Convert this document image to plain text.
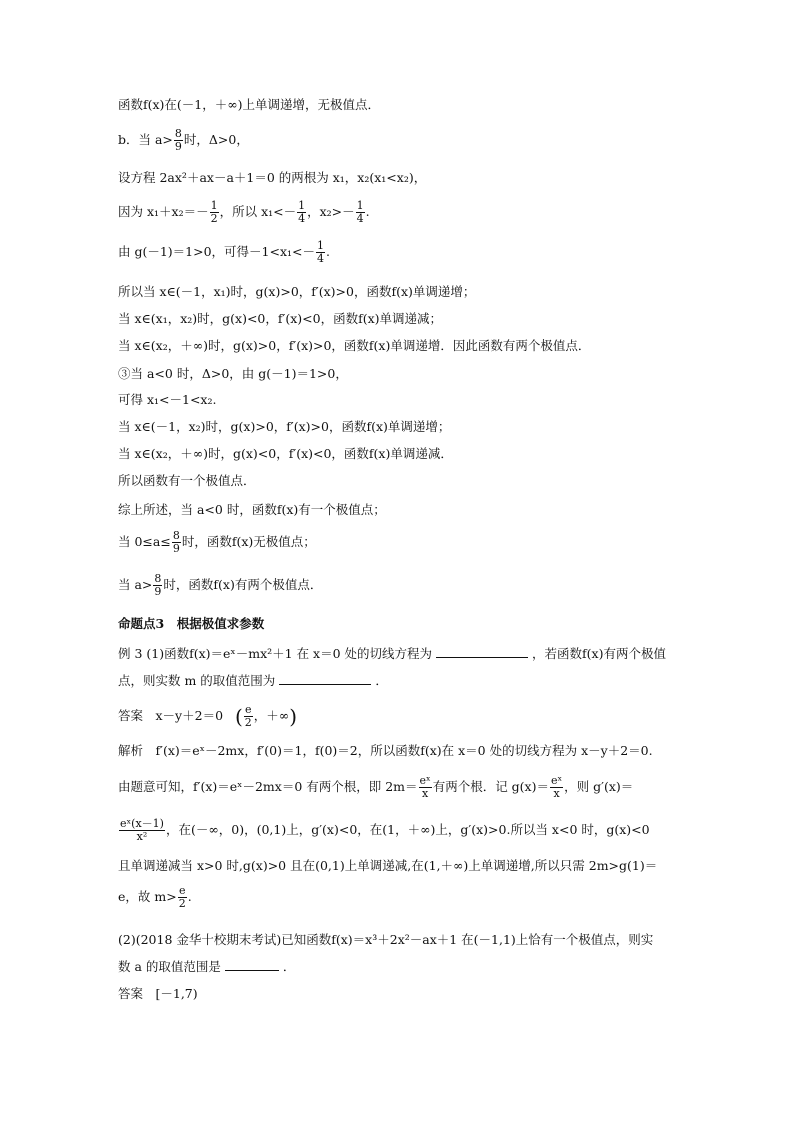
函数f(x)在(－1，＋∞)上单调递增，无极值点．
b．当 $a> \frac{8}{9}$ 时，Δ>0，
设方程 2ax²＋ax－a＋1＝0 的两根为 x₁，x₂(x₁<x₂)，
因为 $x_1+x_2=- \frac{1}{2}$ ，所以 $x_1<- \frac{1}{4}$ ，$x_2>- \frac{1}{4}$ .
由 g(－1)＝1>0，可得$-1<x_1<- \frac{1}{4}$ .
所以当 x∈(－1，x₁)时，g(x)>0，f′(x)>0，函数f(x)单调递增；
当 x∈(x₁，x₂)时，g(x)<0，f′(x)<0，函数f(x)单调递减；
当 x∈(x₂，＋∞)时，g(x)>0，f′(x)>0，函数f(x)单调递增．因此函数有两个极值点．
③当 a<0 时，Δ>0，由 g(－1)＝1>0，
可得 x₁<－1<x₂.
当 x∈(－1，x₂)时，g(x)>0，f′(x)>0，函数f(x)单调递增；
当 x∈(x₂，＋∞)时，g(x)<0，f′(x)<0，函数f(x)单调递减．
所以函数有一个极值点．
综上所述，当 a<0 时，函数f(x)有一个极值点；
当 $0\le a\le \frac{8}{9}$ 时，函数f(x)无极值点；
当 $a> \frac{8}{9}$ 时，函数f(x)有两个极值点．
命题点3　根据极值求参数
例 3 (1)函数f(x)＝eˣ－mx²＋1 在 x＝0 处的切线方程为	，若函数f(x)有两个极值
点，则实数 m 的取值范围为	．
答案　x－y＋2＝0 ( $\frac{e}{2}$ ，＋∞)
解析　f′(x)＝eˣ－2mx，f′(0)＝1，f(0)＝2，所以函数f(x)在 x＝0 处的切线方程为 x－y＋2＝0.
由题意可知，f′(x)＝eˣ－2mx＝0 有两个根，即 $2m= \frac{\text{eˣ}}{x}$ 有两个根．记 $g(x)= \frac{\text{eˣ}}{x}$ ，则 g′(x)＝
$\frac{\text{eˣ(x－1)}}{\text{x²}}$ ，在(－∞，0)，(0,1)上，g′(x)<0，在(1，＋∞)上，g′(x)>0.所以当 x<0 时，g(x)<0
且单调递减当 x>0 时,g(x)>0 且在(0,1)上单调递减,在(1,＋∞)上单调递增,所以只需 2m>g(1)＝
e，故 $m> \frac{e}{2}$ .
(2)(2018 金华十校期末考试)已知函数f(x)＝x³＋2x²－ax＋1 在(－1,1)上恰有一个极值点，则实
数 a 的取值范围是	．
答案　[－1,7)
